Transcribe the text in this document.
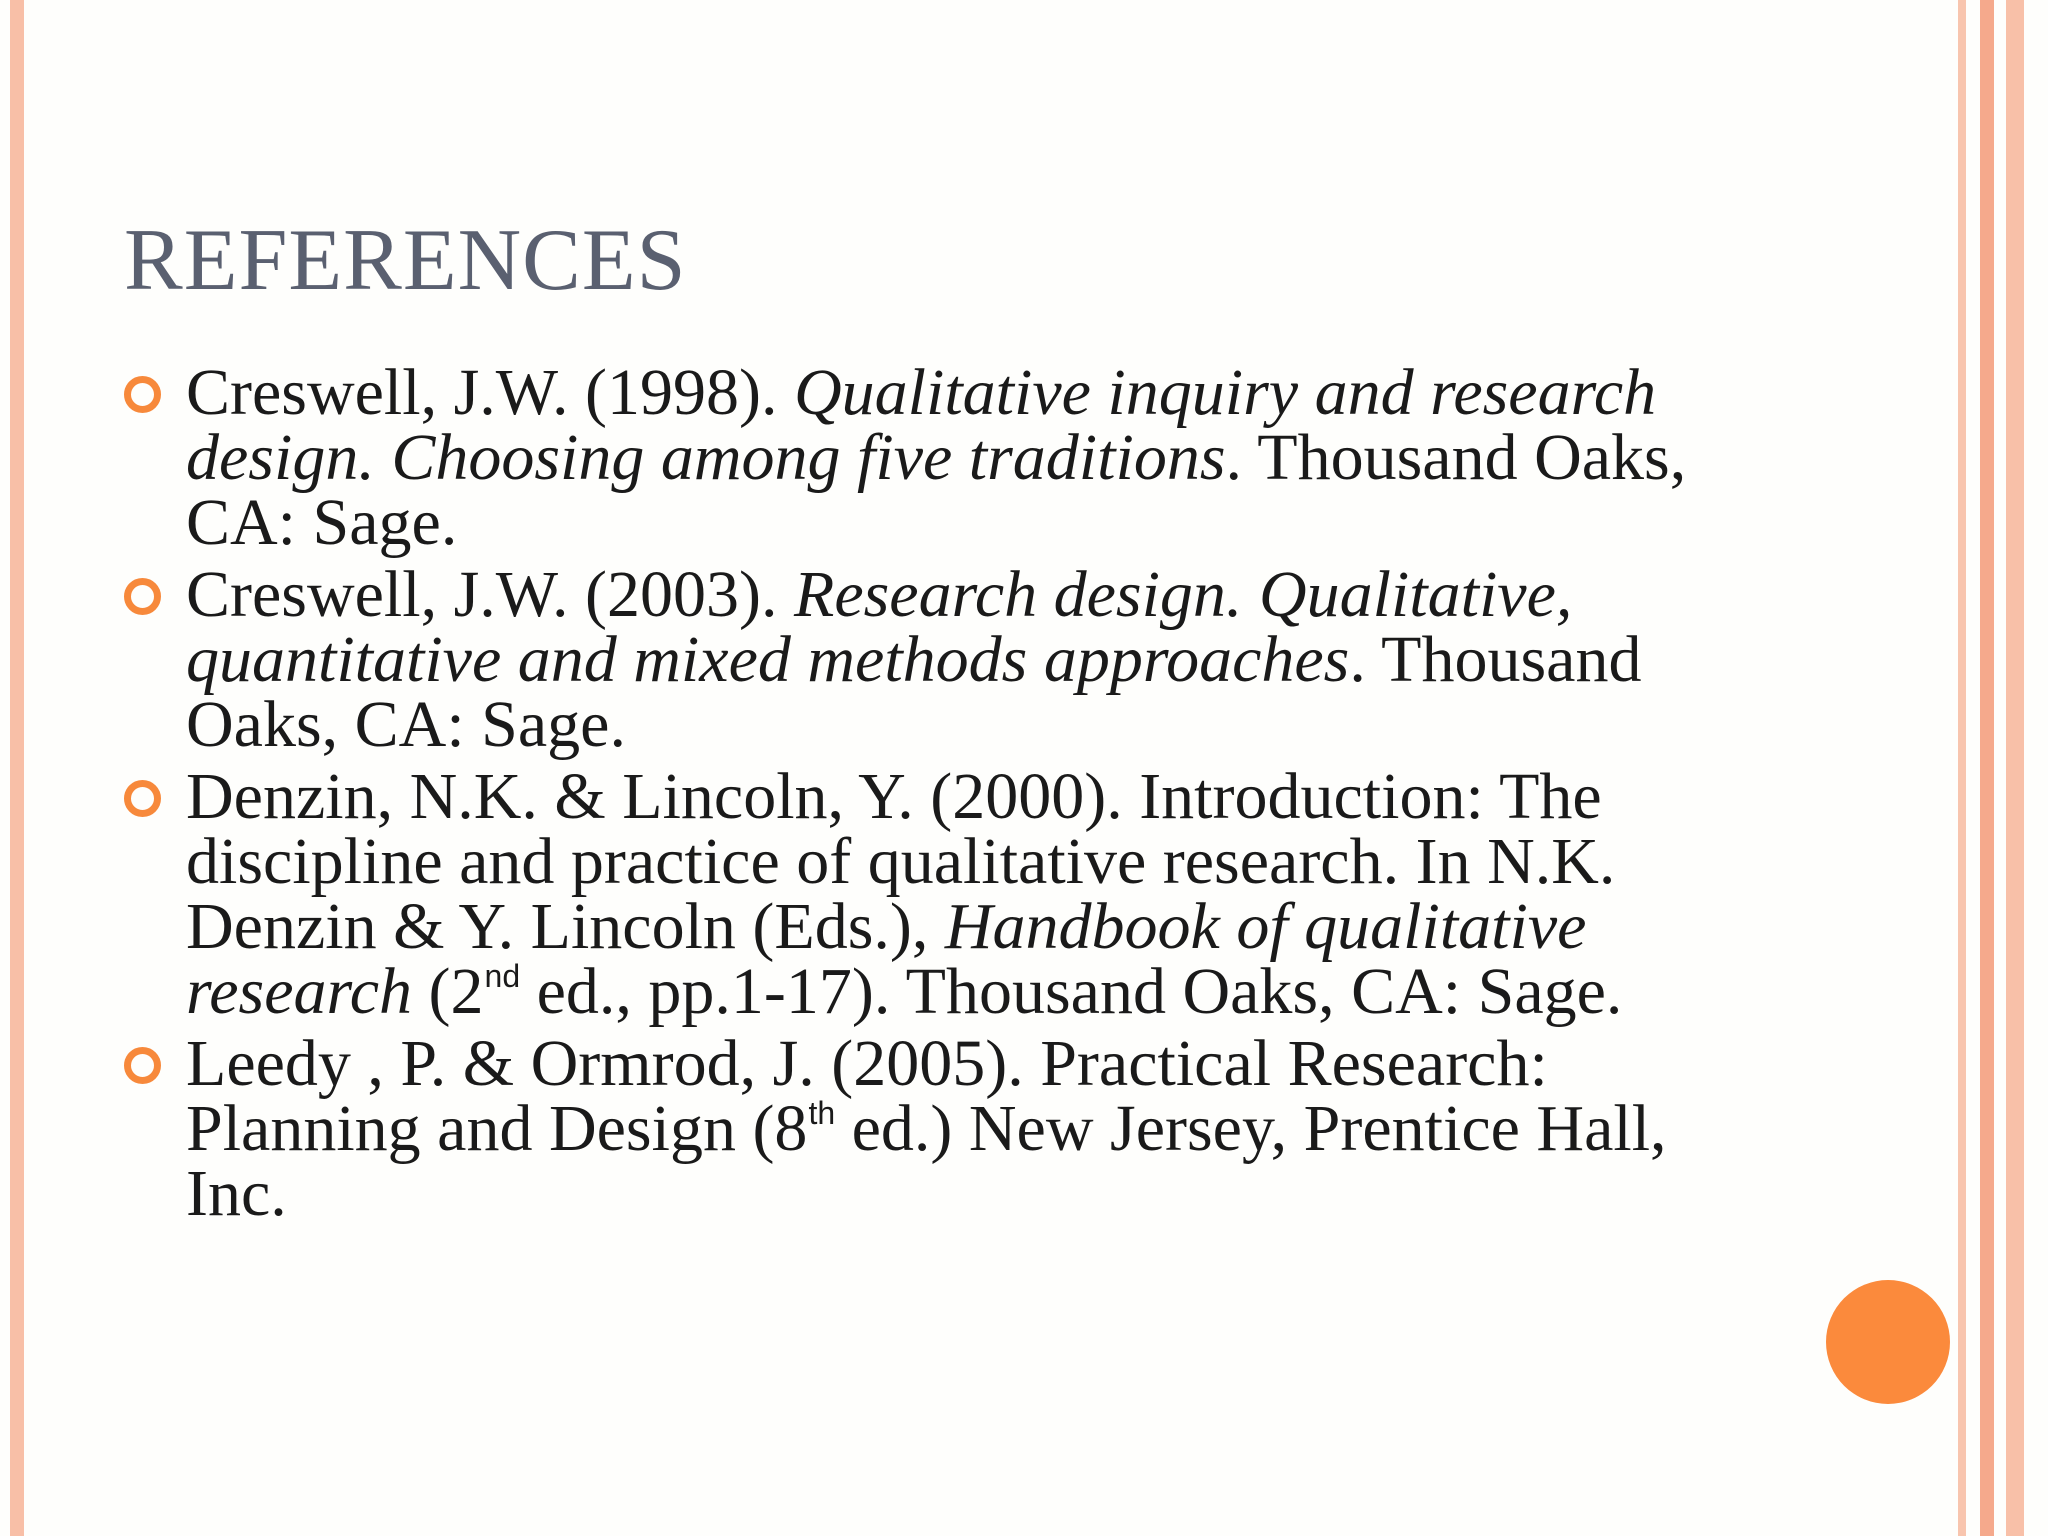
REFERENCES
Creswell, J.W. (1998). Qualitative inquiry and research design. Choosing among five traditions. Thousand Oaks, CA: Sage.
Creswell, J.W. (2003). Research design. Qualitative, quantitative and mixed methods approaches. Thousand Oaks, CA: Sage.
Denzin, N.K. & Lincoln, Y. (2000). Introduction: The discipline and practice of qualitative research. In N.K. Denzin & Y. Lincoln (Eds.), Handbook of qualitative research (2nd ed., pp.1-17). Thousand Oaks, CA: Sage.
Leedy , P. & Ormrod, J. (2005). Practical Research: Planning and Design (8th ed.) New Jersey, Prentice Hall, Inc.
